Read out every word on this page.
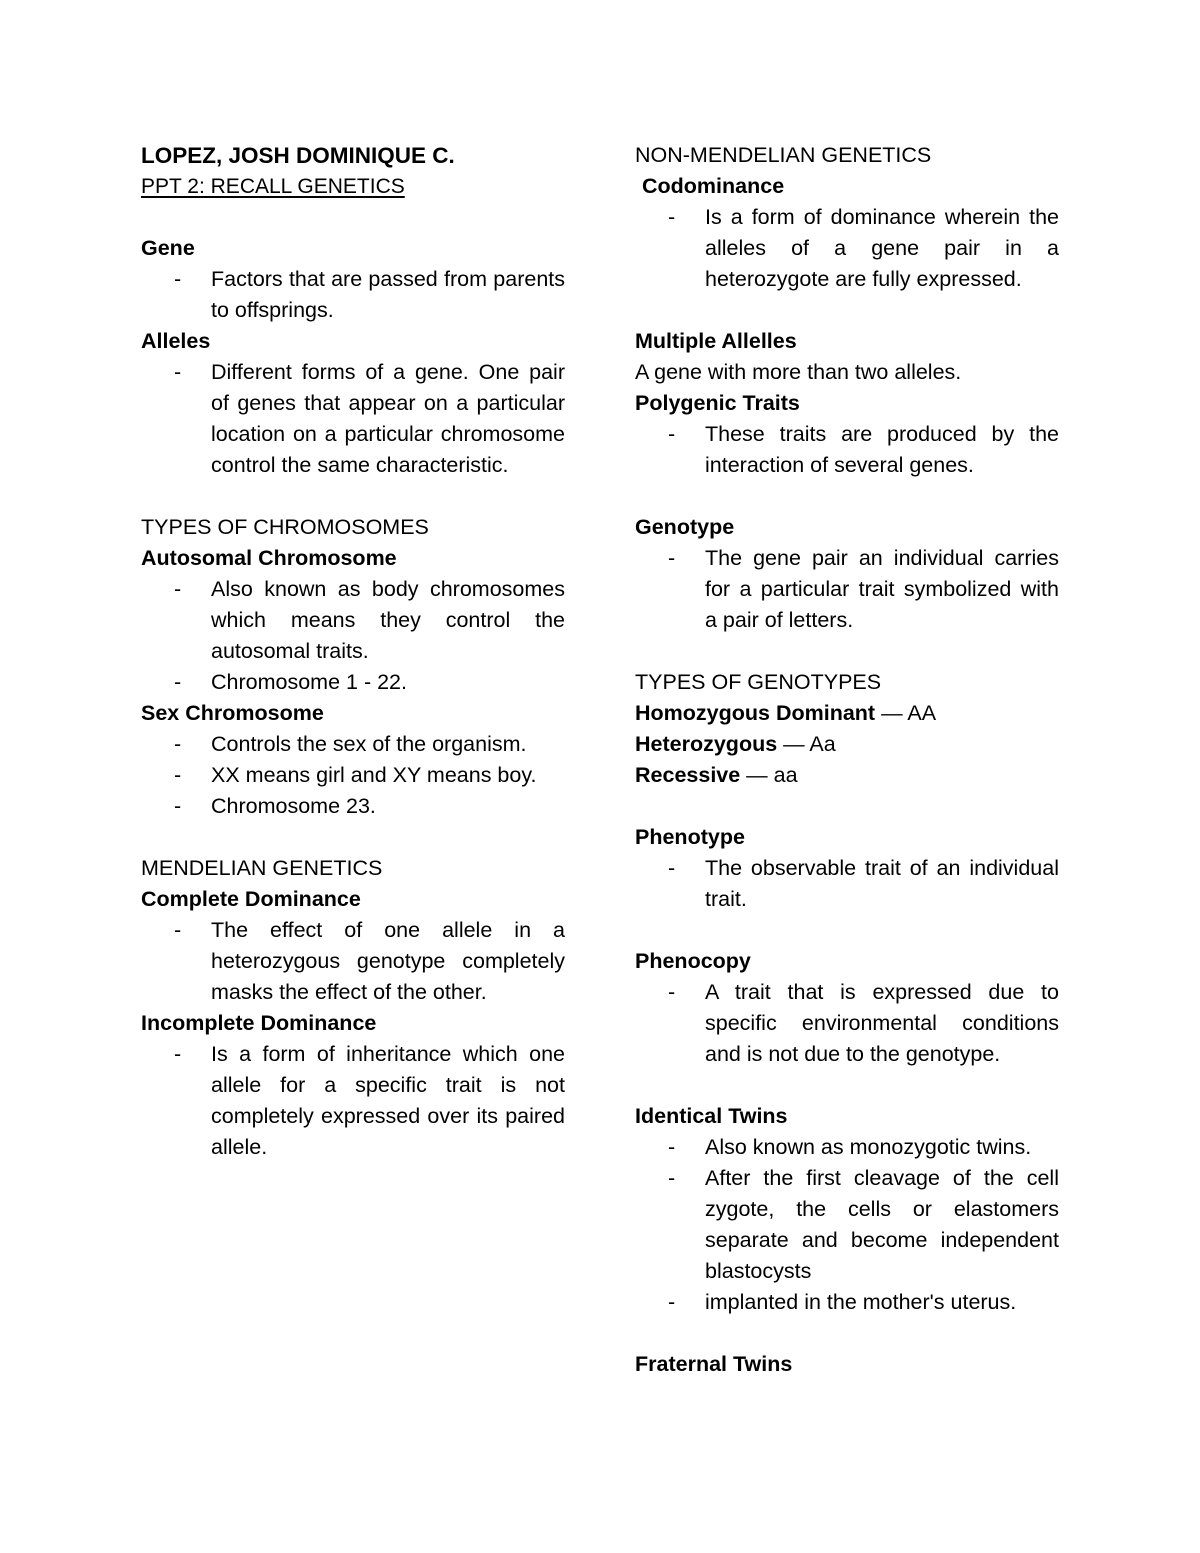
LOPEZ, JOSH DOMINIQUE C.
PPT 2: RECALL GENETICS
Gene
- Factors that are passed from parents to offsprings.
Alleles
- Different forms of a gene. One pair of genes that appear on a particular location on a particular chromosome control the same characteristic.
TYPES OF CHROMOSOMES
Autosomal Chromosome
- Also known as body chromosomes which means they control the autosomal traits.
- Chromosome 1 - 22.
Sex Chromosome
- Controls the sex of the organism.
- XX means girl and XY means boy.
- Chromosome 23.
MENDELIAN GENETICS
Complete Dominance
- The effect of one allele in a heterozygous genotype completely masks the effect of the other.
Incomplete Dominance
- Is a form of inheritance which one allele for a specific trait is not completely expressed over its paired allele.
NON-MENDELIAN GENETICS
Codominance
- Is a form of dominance wherein the alleles of a gene pair in a heterozygote are fully expressed.
Multiple Allelles
A gene with more than two alleles.
Polygenic Traits
- These traits are produced by the interaction of several genes.
Genotype
- The gene pair an individual carries for a particular trait symbolized with a pair of letters.
TYPES OF GENOTYPES
Homozygous Dominant — AA
Heterozygous — Aa
Recessive — aa
Phenotype
- The observable trait of an individual trait.
Phenocopy
- A trait that is expressed due to specific environmental conditions and is not due to the genotype.
Identical Twins
- Also known as monozygotic twins.
- After the first cleavage of the cell zygote, the cells or elastomers separate and become independent blastocysts
- implanted in the mother's uterus.
Fraternal Twins
